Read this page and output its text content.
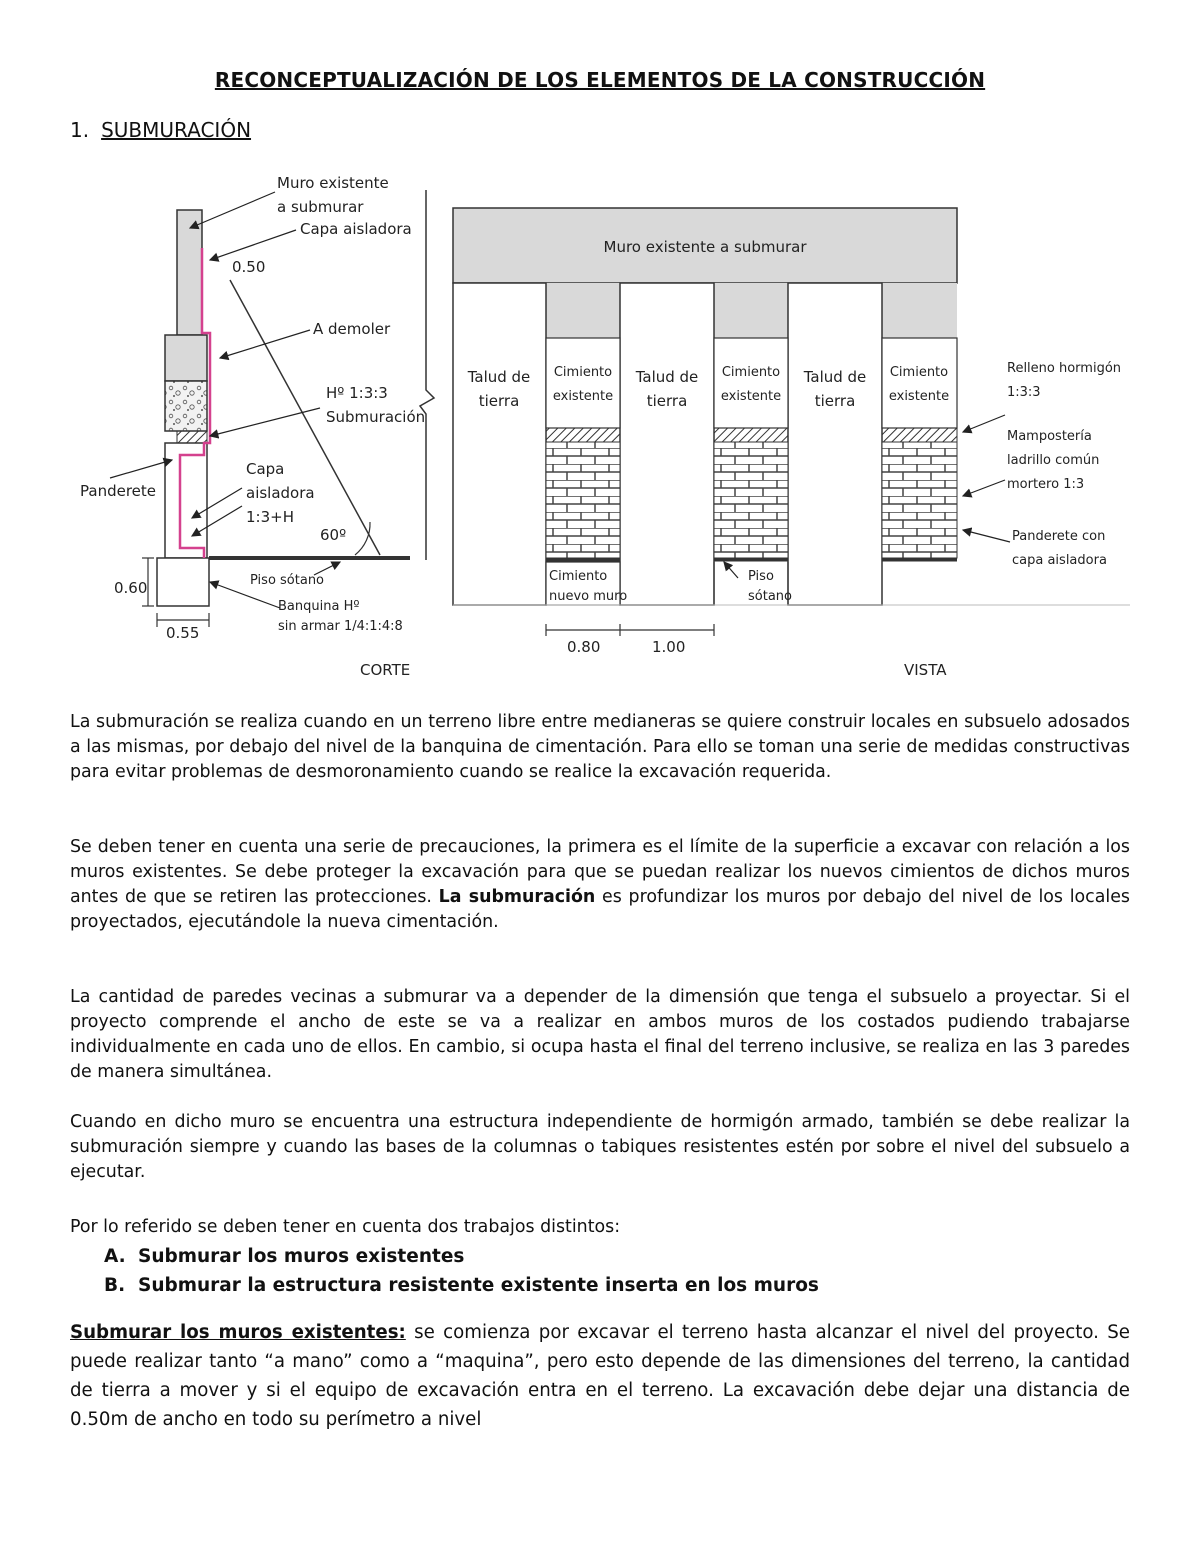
RECONCEPTUALIZACIÓN DE LOS ELEMENTOS DE LA CONSTRUCCIÓN
1. SUBMURACIÓN
Muro existente
a submurar
Capa aisladora
0.50
A demoler
Hº 1:3:3
Submuración
Capa
aisladora
1:3+H
Panderete
60º
0.60	Piso sótano
Banquina Hº
sin armar 1/4:1:4:8
0.55
CORTE
Muro existente a submurar
Talud de
tierra
Talud de
tierra
Talud de
tierra
Cimiento
existente
Cimiento
existente
Cimiento
existente
Relleno hormigón
1:3:3
Mampostería
ladrillo común
mortero 1:3
Panderete con
capa aisladora
Cimiento
nuevo muro
Piso
sótano
0.80	1.00
VISTA
La submuración se realiza cuando en un terreno libre entre medianeras se quiere construir locales en subsuelo adosados a las mismas, por debajo del nivel de la banquina de cimentación. Para ello se toman una serie de medidas constructivas para evitar problemas de desmoronamiento cuando se realice la excavación requerida.
Se deben tener en cuenta una serie de precauciones, la primera es el límite de la superficie a excavar con relación a los muros existentes. Se debe proteger la excavación para que se puedan realizar los nuevos cimientos de dichos muros antes de que se retiren las protecciones. La submuración es profundizar los muros por debajo del nivel de los locales proyectados, ejecutándole la nueva cimentación.
La cantidad de paredes vecinas a submurar va a depender de la dimensión que tenga el subsuelo a proyectar. Si el proyecto comprende el ancho de este se va a realizar en ambos muros de los costados pudiendo trabajarse individualmente en cada uno de ellos. En cambio, si ocupa hasta el final del terreno inclusive, se realiza en las 3 paredes de manera simultánea.
Cuando en dicho muro se encuentra una estructura independiente de hormigón armado, también se debe realizar la submuración siempre y cuando las bases de la columnas o tabiques resistentes estén por sobre el nivel del subsuelo a ejecutar.
Por lo referido se deben tener en cuenta dos trabajos distintos:
A. Submurar los muros existentes
B. Submurar la estructura resistente existente inserta en los muros
Submurar los muros existentes: se comienza por excavar el terreno hasta alcanzar el nivel del proyecto. Se puede realizar tanto “a mano” como a “maquina”, pero esto depende de las dimensiones del terreno, la cantidad de tierra a mover y si el equipo de excavación entra en el terreno. La excavación debe dejar una distancia de 0.50m de ancho en todo su perímetro a nivel
